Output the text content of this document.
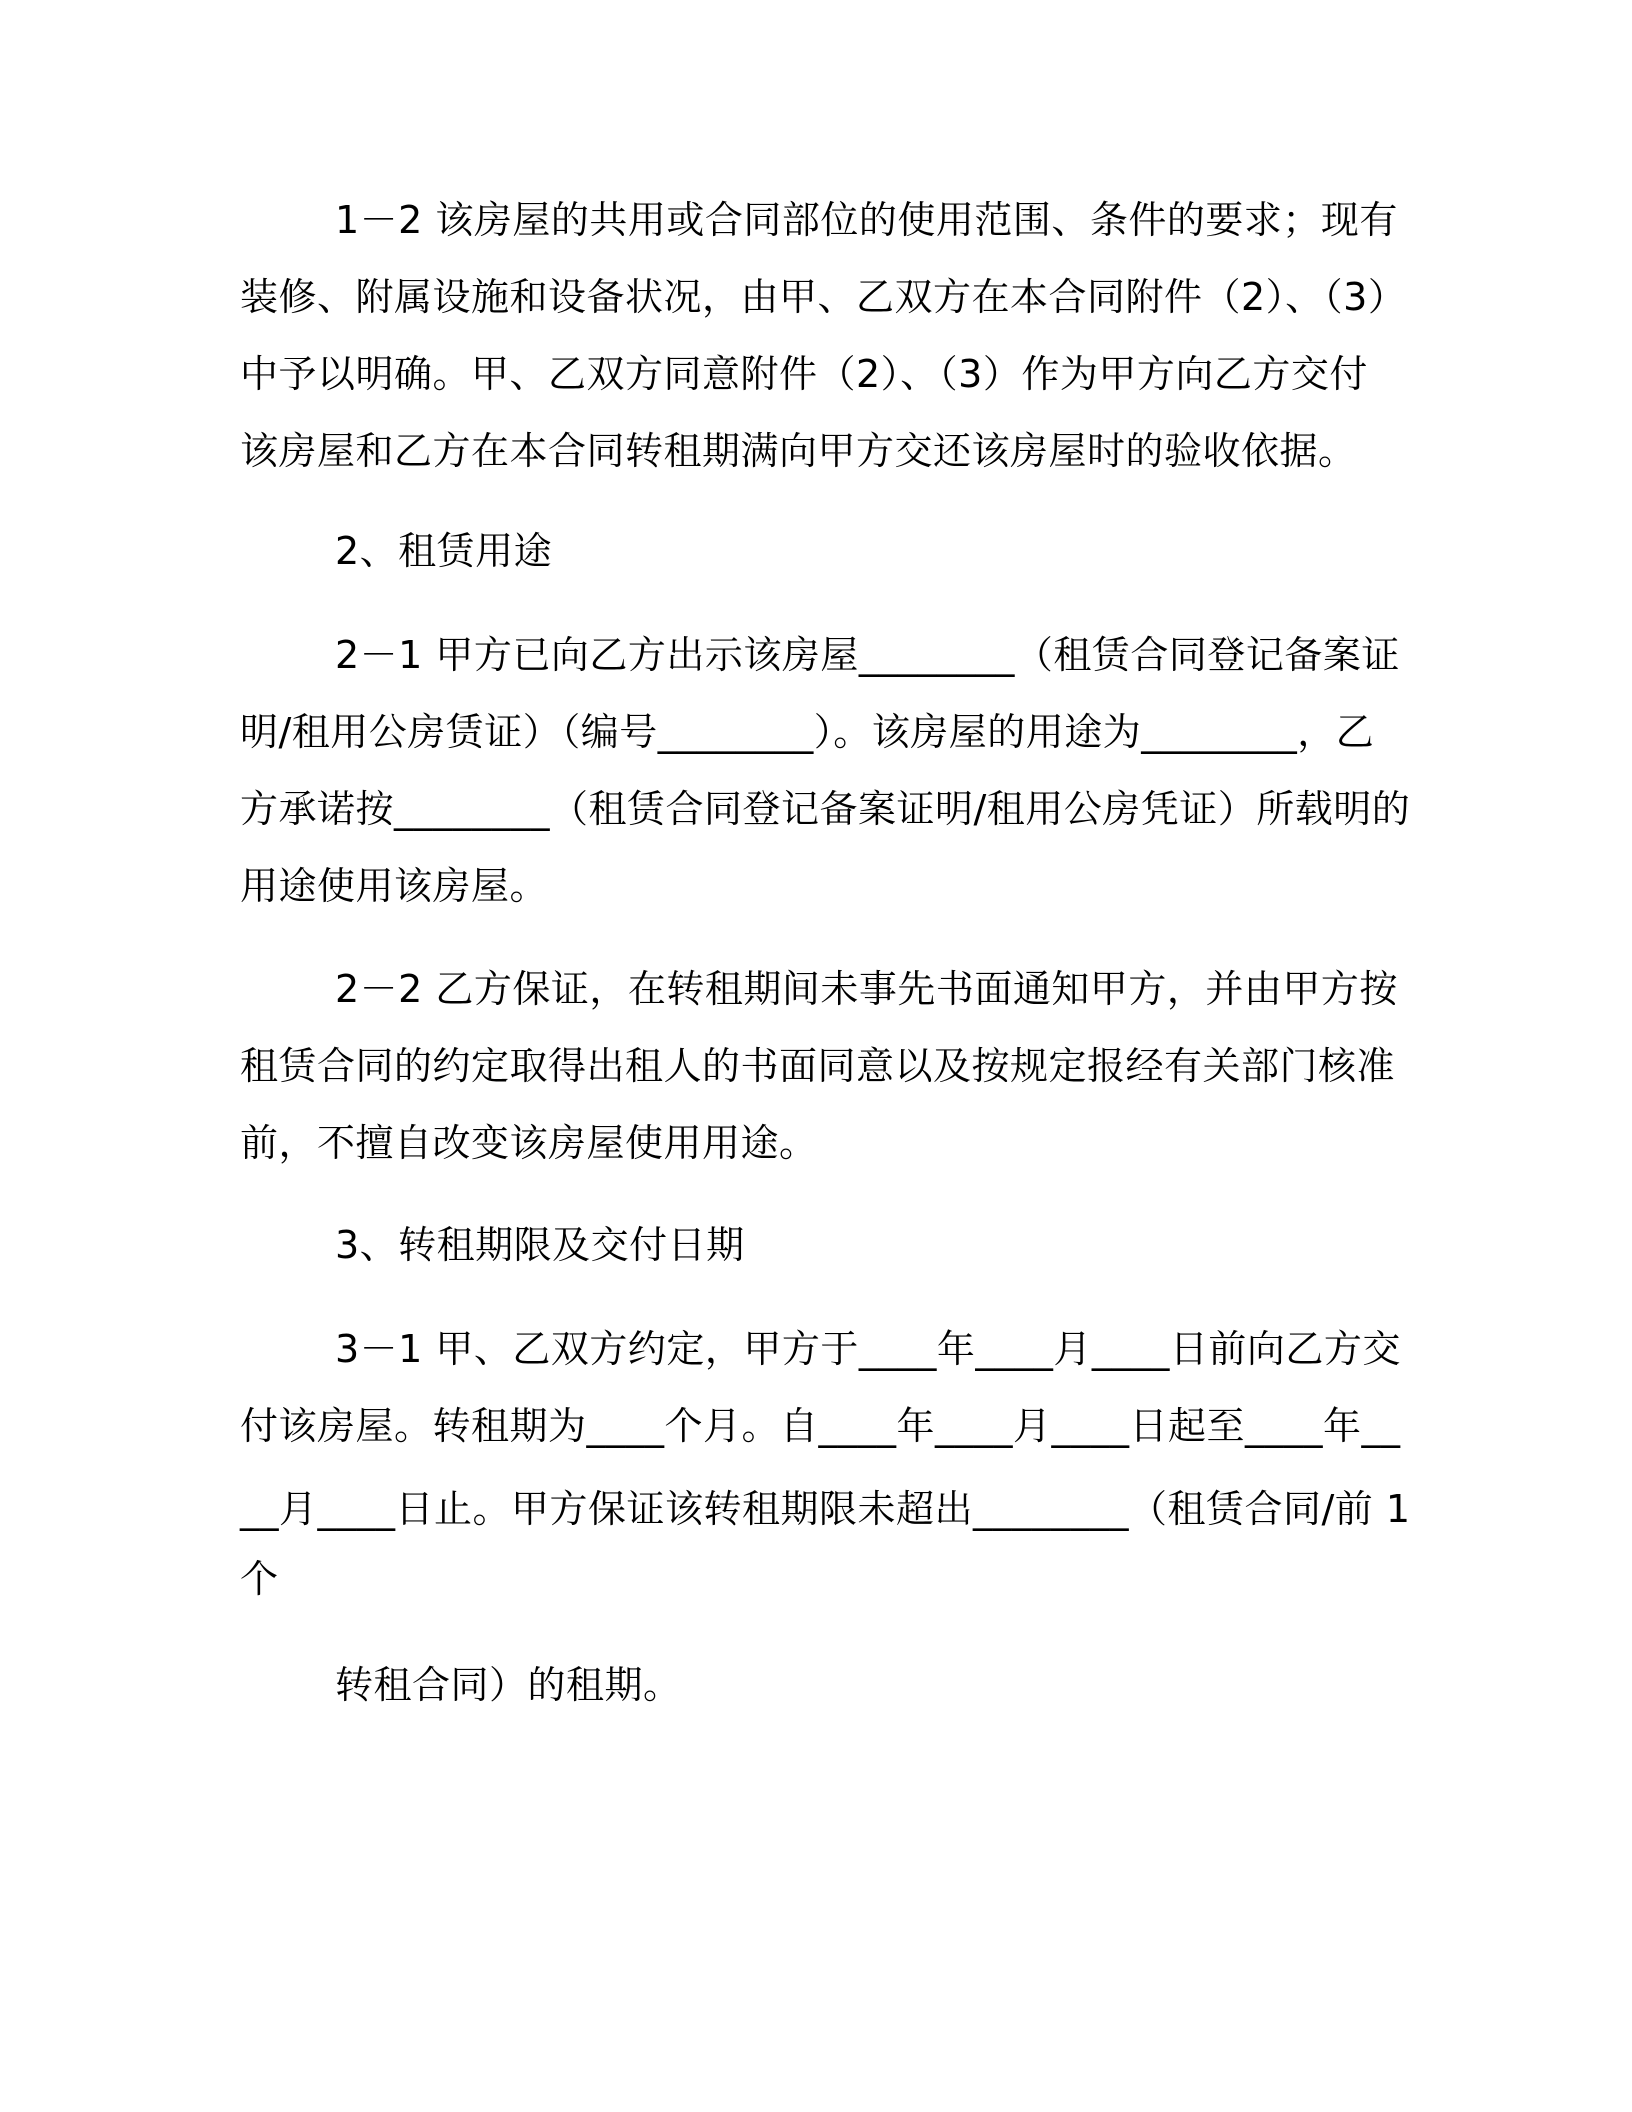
1－2 该房屋的共用或合同部位的使用范围、条件的要求；现有
装修、附属设施和设备状况，由甲、乙双方在本合同附件（2）、（3）
中予以明确。甲、乙双方同意附件（2）、（3）作为甲方向乙方交付
该房屋和乙方在本合同转租期满向甲方交还该房屋时的验收依据。
2、租赁用途
2－1 甲方已向乙方出示该房屋________（租赁合同登记备案证
明/租用公房赁证）（编号________）。该房屋的用途为________，乙
方承诺按________（租赁合同登记备案证明/租用公房凭证）所载明的
用途使用该房屋。
2－2 乙方保证，在转租期间未事先书面通知甲方，并由甲方按
租赁合同的约定取得出租人的书面同意以及按规定报经有关部门核准
前，不擅自改变该房屋使用用途。
3、转租期限及交付日期
3－1 甲、乙双方约定，甲方于____年____月____日前向乙方交
付该房屋。转租期为____个月。自____年____月____日起至____年__
__月____日止。甲方保证该转租期限未超出________（租赁合同/前 1
个
转租合同）的租期。
